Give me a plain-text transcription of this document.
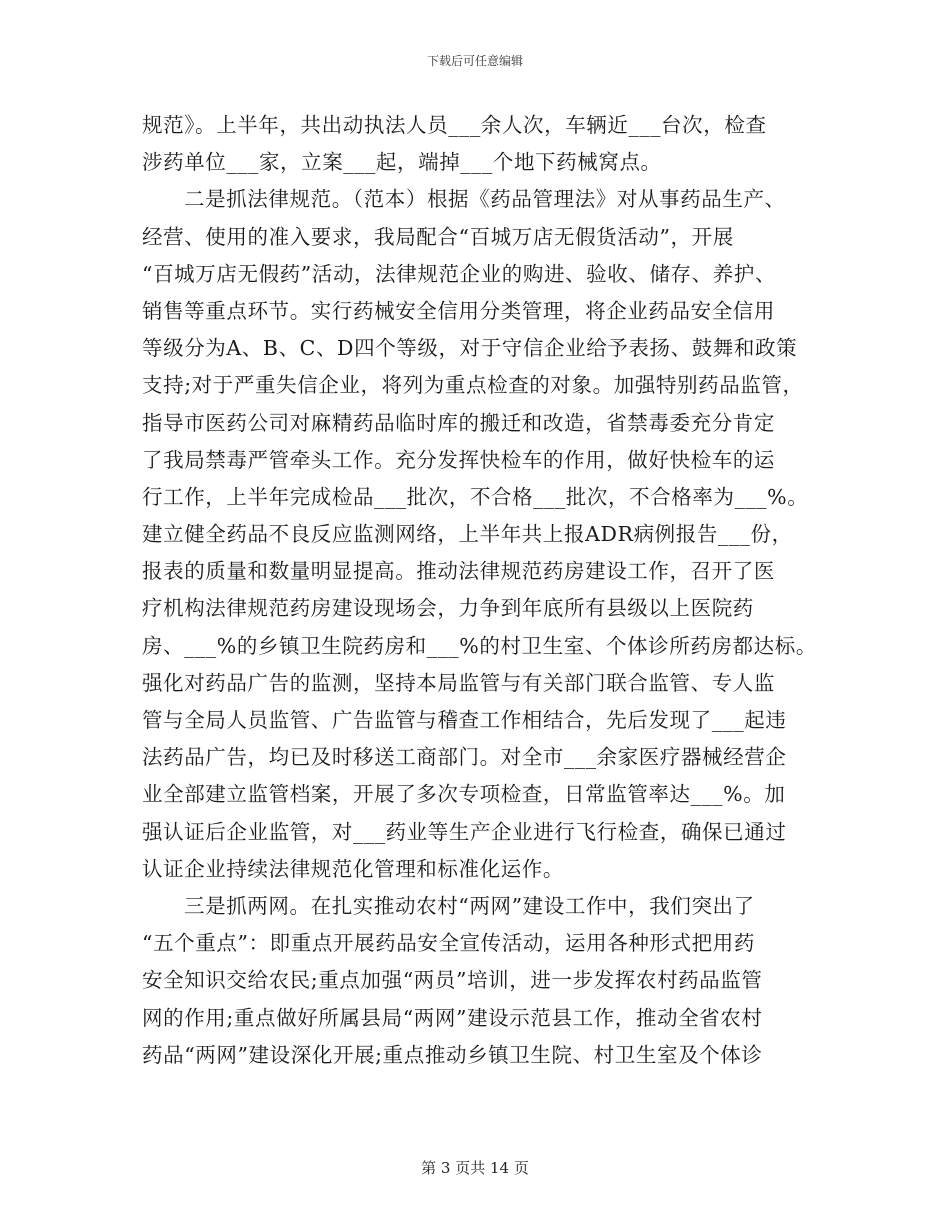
下载后可任意编辑
规范》。上半年，共出动执法人员___余人次，车辆近___台次，检查
涉药单位___家，立案___起，端掉___个地下药械窝点。
二是抓法律规范。（范本）根据《药品管理法》对从事药品生产、
经营、使用的准入要求，我局配合“百城万店无假货活动”，开展
“百城万店无假药”活动，法律规范企业的购进、验收、储存、养护、
销售等重点环节。实行药械安全信用分类管理，将企业药品安全信用
等级分为A、B、C、D四个等级，对于守信企业给予表扬、鼓舞和政策
支持;对于严重失信企业，将列为重点检查的对象。加强特别药品监管，
指导市医药公司对麻精药品临时库的搬迁和改造，省禁毒委充分肯定
了我局禁毒严管牵头工作。充分发挥快检车的作用，做好快检车的运
行工作，上半年完成检品___批次，不合格___批次，不合格率为___%。
建立健全药品不良反应监测网络，上半年共上报ADR病例报告___份，
报表的质量和数量明显提高。推动法律规范药房建设工作，召开了医
疗机构法律规范药房建设现场会，力争到年底所有县级以上医院药
房、___%的乡镇卫生院药房和___%的村卫生室、个体诊所药房都达标。
强化对药品广告的监测，坚持本局监管与有关部门联合监管、专人监
管与全局人员监管、广告监管与稽查工作相结合，先后发现了___起违
法药品广告，均已及时移送工商部门。对全市___余家医疗器械经营企
业全部建立监管档案，开展了多次专项检查，日常监管率达___%。加
强认证后企业监管，对___药业等生产企业进行飞行检查，确保已通过
认证企业持续法律规范化管理和标准化运作。
三是抓两网。在扎实推动农村“两网”建设工作中，我们突出了
“五个重点”：即重点开展药品安全宣传活动，运用各种形式把用药
安全知识交给农民;重点加强“两员”培训，进一步发挥农村药品监管
网的作用;重点做好所属县局“两网”建设示范县工作，推动全省农村
药品“两网”建设深化开展;重点推动乡镇卫生院、村卫生室及个体诊
第 3 页共 14 页
